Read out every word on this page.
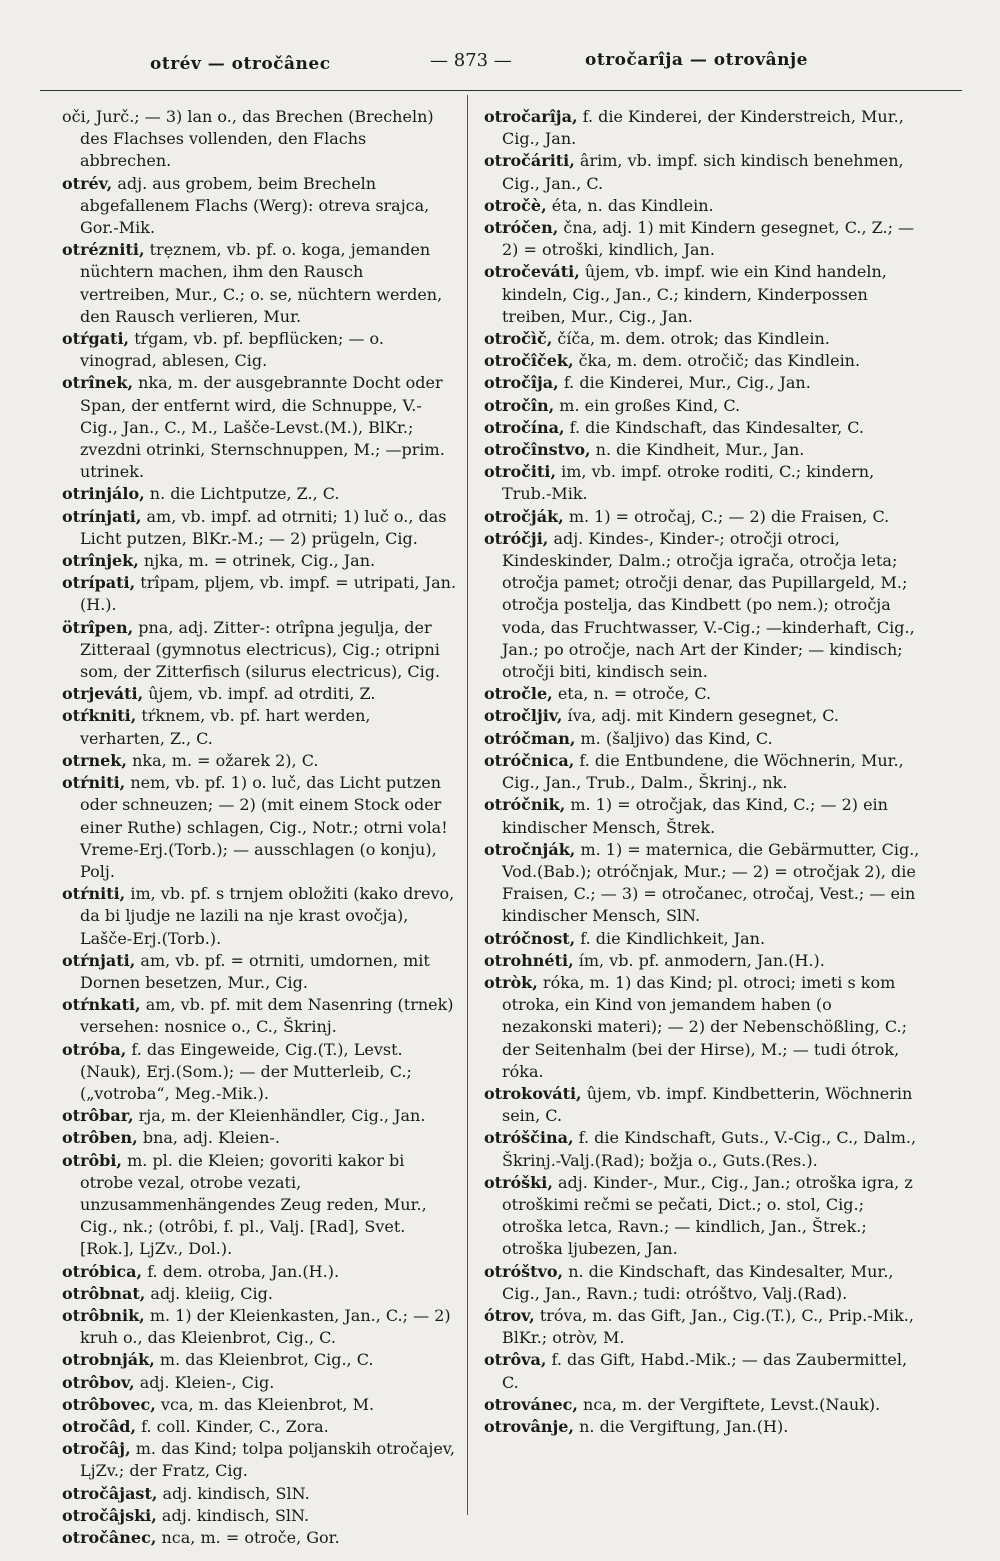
otrév — otročânec	— 873 —	otročarîja — otrovânje

oči, Jurč.; — 3) lan o., das Brechen (Brecheln) des Flachses vollenden, den Flachs abbrechen.

otrév, adj. aus grobem, beim Brecheln abgefallenem Flachs (Werg): otreva srajca, Gor.-Mik.

otrézniti, trẹznem, vb. pf. o. koga, jemanden nüchtern machen, ihm den Rausch vertreiben, Mur., C.; o. se, nüchtern werden, den Rausch verlieren, Mur.

otŕgati, tŕgam, vb. pf. bepflücken; — o. vinograd, ablesen, Cig.

otrînek, nka, m. der ausgebrannte Docht oder Span, der entfernt wird, die Schnuppe, V.-Cig., Jan., C., M., Lašče-Levst.(M.), BlKr.; zvezdni otrinki, Sternschnuppen, M.; —prim. utrinek.

otrinjálo, n. die Lichtputze, Z., C.

otrínjati, am, vb. impf. ad otrniti; 1) luč o., das Licht putzen, BlKr.-M.; — 2) prügeln, Cig.

otrînjek, njka, m. = otrinek, Cig., Jan.

otrípati, trîpam, pljem, vb. impf. = utripati, Jan.(H.).

ötrîpen, pna, adj. Zitter-: otrîpna jegulja, der Zitteraal (gymnotus electricus), Cig.; otripni som, der Zitterfisch (silurus electricus), Cig.

otrjeváti, ûjem, vb. impf. ad otrditi, Z.

otŕkniti, tŕknem, vb. pf. hart werden, verharten, Z., C.

otrnek, nka, m. = ožarek 2), C.

otŕniti, nem, vb. pf. 1) o. luč, das Licht putzen oder schneuzen; — 2) (mit einem Stock oder einer Ruthe) schlagen, Cig., Notr.; otrni vola! Vreme-Erj.(Torb.); — ausschlagen (o konju), Polj.

otŕniti, im, vb. pf. s trnjem obložiti (kako drevo, da bi ljudje ne lazili na nje krast ovočja), Lašče-Erj.(Torb.).

otŕnjati, am, vb. pf. = otrniti, umdornen, mit Dornen besetzen, Mur., Cig.

otŕnkati, am, vb. pf. mit dem Nasenring (trnek) versehen: nosnice o., C., Škrinj.

otróba, f. das Eingeweide, Cig.(T.), Levst.(Nauk), Erj.(Som.); — der Mutterleib, C.; („votroba“, Meg.-Mik.).

otrôbar, rja, m. der Kleienhändler, Cig., Jan.

otrôben, bna, adj. Kleien-.

otrôbi, m. pl. die Kleien; govoriti kakor bi otrobe vezal, otrobe vezati, unzusammenhängendes Zeug reden, Mur., Cig., nk.; (otrôbi, f. pl., Valj. [Rad], Svet. [Rok.], LjZv., Dol.).

otróbica, f. dem. otroba, Jan.(H.).

otrôbnat, adj. kleiig, Cig.

otrôbnik, m. 1) der Kleienkasten, Jan., C.; — 2) kruh o., das Kleienbrot, Cig., C.

otrobnják, m. das Kleienbrot, Cig., C.

otrôbov, adj. Kleien-, Cig.

otrôbovec, vca, m. das Kleienbrot, M.

otročâd, f. coll. Kinder, C., Zora.

otročâj, m. das Kind; tolpa poljanskih otročajev, LjZv.; der Fratz, Cig.

otročâjast, adj. kindisch, SlN.

otročâjski, adj. kindisch, SlN.

otročânec, nca, m. = otroče, Gor.

otročarîja, f. die Kinderei, der Kinderstreich, Mur., Cig., Jan.

otročáriti, ârim, vb. impf. sich kindisch benehmen, Cig., Jan., C.

otročè, éta, n. das Kindlein.

otróčen, čna, adj. 1) mit Kindern gesegnet, C., Z.; — 2) = otroški, kindlich, Jan.

otročeváti, ûjem, vb. impf. wie ein Kind handeln, kindeln, Cig., Jan., C.; kindern, Kinderpossen treiben, Mur., Cig., Jan.

otročìč, číča, m. dem. otrok; das Kindlein.

otročîček, čka, m. dem. otročič; das Kindlein.

otročîja, f. die Kinderei, Mur., Cig., Jan.

otročîn, m. ein großes Kind, C.

otročína, f. die Kindschaft, das Kindesalter, C.

otročînstvo, n. die Kindheit, Mur., Jan.

otročiti, im, vb. impf. otroke roditi, C.; kindern, Trub.-Mik.

otročják, m. 1) = otročaj, C.; — 2) die Fraisen, C.

otróčji, adj. Kindes-, Kinder-; otročji otroci, Kindeskinder, Dalm.; otročja igrača, otročja leta; otročja pamet; otročji denar, das Pupillargeld, M.; otročja postelja, das Kindbett (po nem.); otročja voda, das Fruchtwasser, V.-Cig.; —kinderhaft, Cig., Jan.; po otročje, nach Art der Kinder; — kindisch; otročji biti, kindisch sein.

otročle, eta, n. = otroče, C.

otročljiv, íva, adj. mit Kindern gesegnet, C.

otróčman, m. (šaljivo) das Kind, C.

otróčnica, f. die Entbundene, die Wöchnerin, Mur., Cig., Jan., Trub., Dalm., Škrinj., nk.

otróčnik, m. 1) = otročjak, das Kind, C.; — 2) ein kindischer Mensch, Štrek.

otročnják, m. 1) = maternica, die Gebärmutter, Cig., Vod.(Bab.); otróčnjak, Mur.; — 2) = otročjak 2), die Fraisen, C.; — 3) = otročanec, otročaj, Vest.; — ein kindischer Mensch, SlN.

otróčnost, f. die Kindlichkeit, Jan.

otrohnéti, ím, vb. pf. anmodern, Jan.(H.).

otròk, róka, m. 1) das Kind; pl. otroci; imeti s kom otroka, ein Kind von jemandem haben (o nezakonski materi); — 2) der Nebenschößling, C.; der Seitenhalm (bei der Hirse), M.; — tudi ótrok, róka.

otrokováti, ûjem, vb. impf. Kindbetterin, Wöchnerin sein, C.

otróščina, f. die Kindschaft, Guts., V.-Cig., C., Dalm., Škrinj.-Valj.(Rad); božja o., Guts.(Res.).

otróški, adj. Kinder-, Mur., Cig., Jan.; otroška igra, z otroškimi rečmi se pečati, Dict.; o. stol, Cig.; otroška letca, Ravn.; — kindlich, Jan., Štrek.; otroška ljubezen, Jan.

otróštvo, n. die Kindschaft, das Kindesalter, Mur., Cig., Jan., Ravn.; tudi: otróštvo, Valj.(Rad).

ótrov, tróva, m. das Gift, Jan., Cig.(T.), C., Prip.-Mik., BlKr.; otròv, M.

otrôva, f. das Gift, Habd.-Mik.; — das Zaubermittel, C.

otrovánec, nca, m. der Vergiftete, Levst.(Nauk).

otrovânje, n. die Vergiftung, Jan.(H).
